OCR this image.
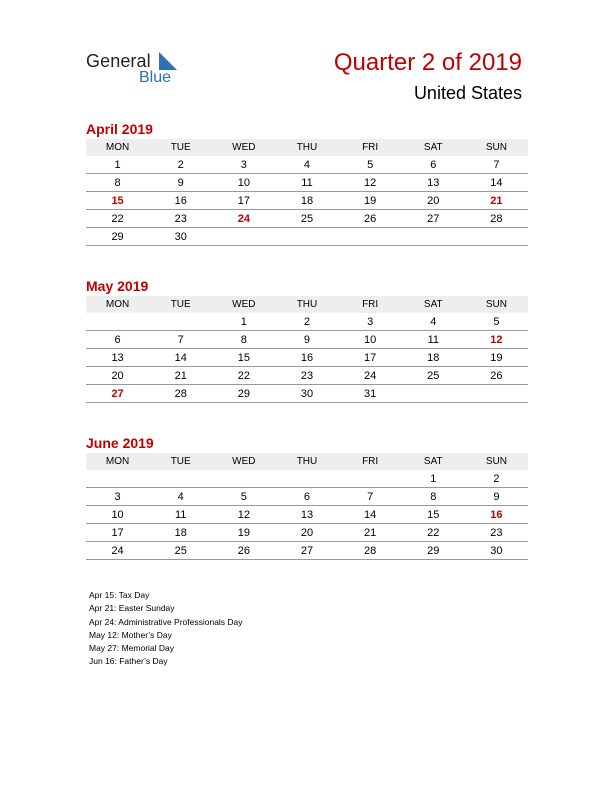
General
Blue
Quarter 2 of 2019
United States
April 2019
MON	TUE	WED	THU	FRI	SAT	SUN
1	2	3	4	5	6	7
8	9	10	11	12	13	14
15	16	17	18	19	20	21
22	23	24	25	26	27	28
29	30					
May 2019
MON	TUE	WED	THU	FRI	SAT	SUN
		1	2	3	4	5
6	7	8	9	10	11	12
13	14	15	16	17	18	19
20	21	22	23	24	25	26
27	28	29	30	31		
June 2019
MON	TUE	WED	THU	FRI	SAT	SUN
					1	2
3	4	5	6	7	8	9
10	11	12	13	14	15	16
17	18	19	20	21	22	23
24	25	26	27	28	29	30
Apr 15: Tax Day
Apr 21: Easter Sunday
Apr 24: Administrative Professionals Day
May 12: Mother’s Day
May 27: Memorial Day
Jun 16: Father’s Day
